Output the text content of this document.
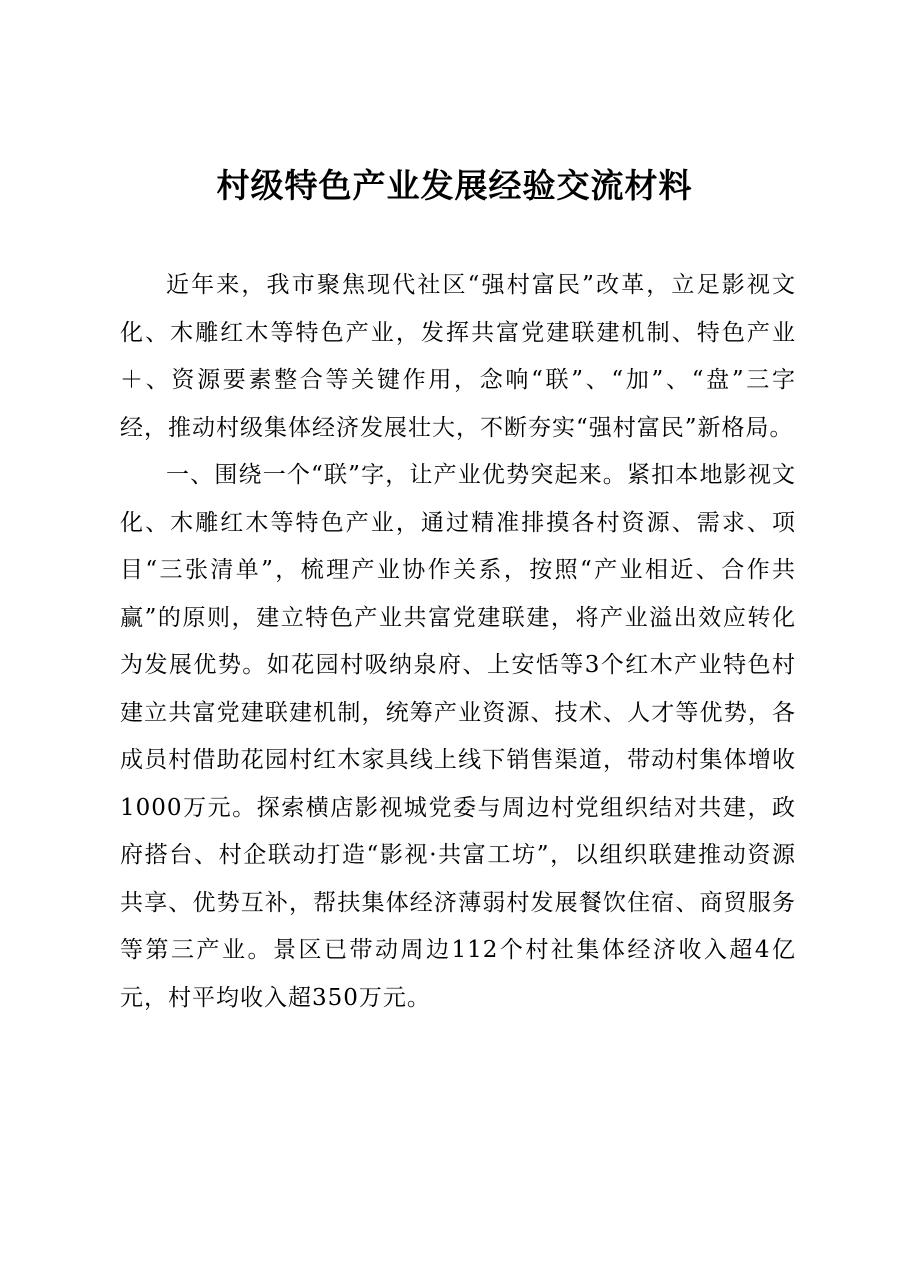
村级特色产业发展经验交流材料

近年来，我市聚焦现代社区“强村富民”改革，立足影视文化、木雕红木等特色产业，发挥共富党建联建机制、特色产业＋、资源要素整合等关键作用，念响“联”、“加”、“盘”三字经，推动村级集体经济发展壮大，不断夯实“强村富民”新格局。

一、围绕一个“联”字，让产业优势突起来。紧扣本地影视文化、木雕红木等特色产业，通过精准排摸各村资源、需求、项目“三张清单”，梳理产业协作关系，按照“产业相近、合作共赢”的原则，建立特色产业共富党建联建，将产业溢出效应转化为发展优势。如花园村吸纳泉府、上安恬等3个红木产业特色村建立共富党建联建机制，统筹产业资源、技术、人才等优势，各成员村借助花园村红木家具线上线下销售渠道，带动村集体增收1000万元。探索横店影视城党委与周边村党组织结对共建，政府搭台、村企联动打造“影视·共富工坊”，以组织联建推动资源共享、优势互补，帮扶集体经济薄弱村发展餐饮住宿、商贸服务等第三产业。景区已带动周边112个村社集体经济收入超4亿元，村平均收入超350万元。
